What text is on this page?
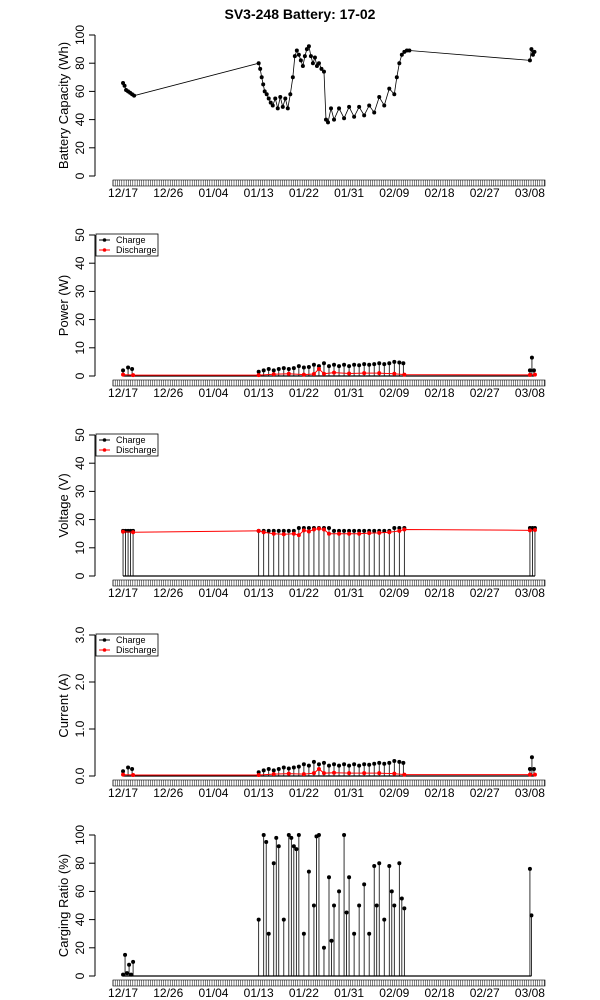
SV3-248 Battery: 17-02
12/17 12/26 01/04 01/13 01/22 01/31 02/09 02/18 02/27 03/08
0
20
40
60
80
100
Battery Capacity (Wh)
12/17 12/26 01/04 01/13 01/22 01/31 02/09 02/18 02/27 03/08
0
10
20
30
40
50
Power (W)
Charge
Discharge
12/17 12/26 01/04 01/13 01/22 01/31 02/09 02/18 02/27 03/08
0
10
20
30
40
50
Voltage (V)
Charge
Discharge
12/17 12/26 01/04 01/13 01/22 01/31 02/09 02/18 02/27 03/08
0.0
1.0
2.0
3.0
Current (A)
Charge
Discharge
12/17 12/26 01/04 01/13 01/22 01/31 02/09 02/18 02/27 03/08
0
20
40
60
80
100
Carging Ratio (%)
